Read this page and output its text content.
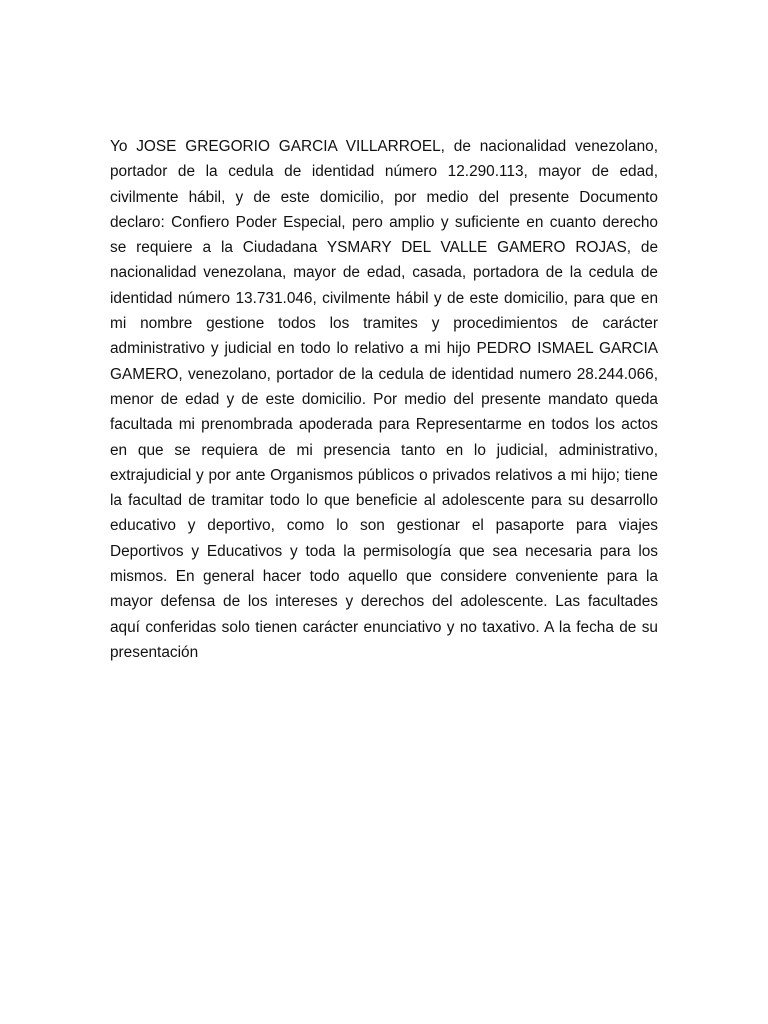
Yo JOSE GREGORIO GARCIA VILLARROEL, de nacionalidad venezolano,
portador de la cedula de identidad número 12.290.113, mayor de edad,
civilmente hábil, y de este domicilio, por medio del presente Documento
declaro: Confiero Poder Especial, pero amplio y suficiente en cuanto derecho
se requiere a la Ciudadana YSMARY DEL VALLE GAMERO ROJAS, de
nacionalidad venezolana, mayor de edad, casada, portadora de la cedula de
identidad número 13.731.046, civilmente hábil y de este domicilio, para que en
mi nombre gestione todos los tramites y procedimientos de carácter
administrativo y judicial en todo lo relativo a mi hijo PEDRO ISMAEL GARCIA
GAMERO, venezolano, portador de la cedula de identidad numero 28.244.066,
menor de edad y de este domicilio. Por medio del presente mandato queda
facultada mi prenombrada apoderada para Representarme en todos los actos
en que se requiera de mi presencia tanto en lo judicial, administrativo,
extrajudicial y por ante Organismos públicos o privados relativos a mi hijo; tiene
la facultad de tramitar todo lo que beneficie al adolescente para su desarrollo
educativo y deportivo, como lo son gestionar el pasaporte para viajes
Deportivos y Educativos y toda la permisología que sea necesaria para los
mismos. En general hacer todo aquello que considere conveniente para la
mayor defensa de los intereses y derechos del adolescente. Las facultades
aquí conferidas solo tienen carácter enunciativo y no taxativo. A la fecha de su
presentación
